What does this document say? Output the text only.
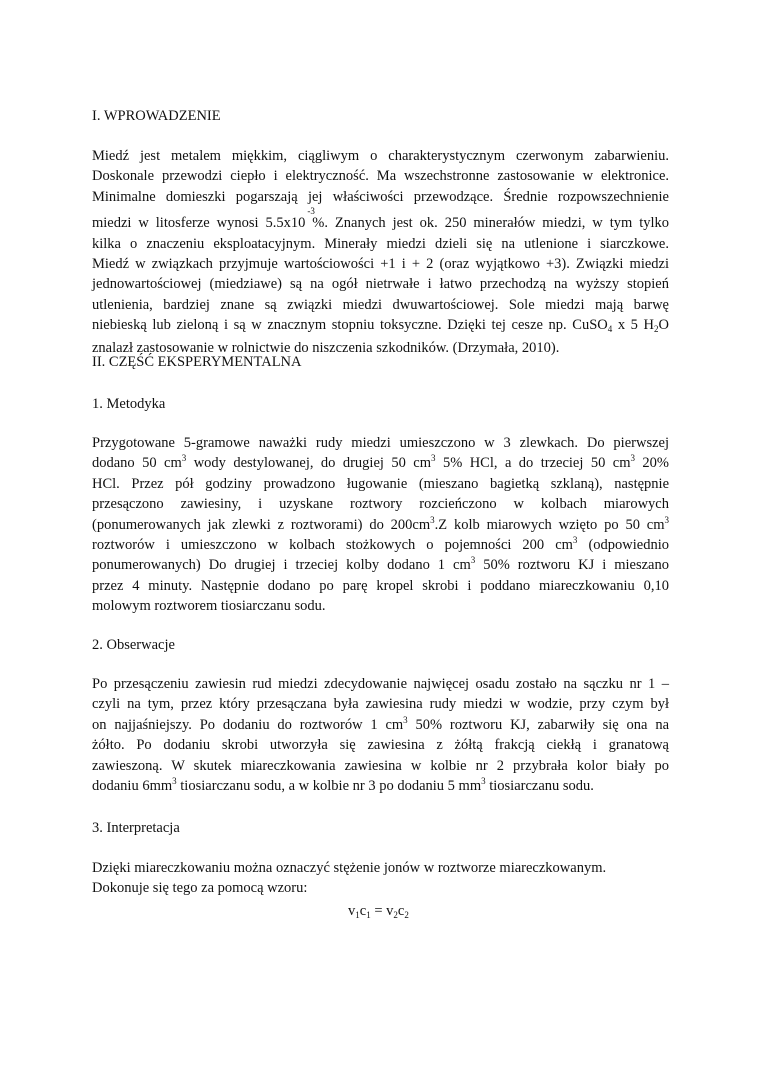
I. WPROWADZENIE
Miedź jest metalem miękkim, ciągliwym o charakterystycznym czerwonym zabarwieniu.
Doskonale przewodzi ciepło i elektryczność. Ma wszechstronne zastosowanie w elektronice.
Minimalne domieszki pogarszają jej właściwości przewodzące. Średnie rozpowszechnienie
miedzi w litosferze wynosi 5.5x10
-3
%. Znanych jest ok. 250 minerałów miedzi, w tym tylko
kilka o znaczeniu eksploatacyjnym. Minerały miedzi dzieli się na utlenione i siarczkowe.
Miedź w związkach przyjmuje wartościowości +1 i + 2 (oraz wyjątkowo +3). Związki miedzi
jednowartościowej (miedziawe) są na ogół nietrwałe i łatwo przechodzą na wyższy stopień
utlenienia, bardziej znane są związki miedzi dwuwartościowej. Sole miedzi mają barwę
niebieską lub zieloną i są w znacznym stopniu toksyczne. Dzięki tej cesze np. CuSO$_4$ x 5 $H_2O$
znalazł zastosowanie w rolnictwie do niszczenia szkodników. (Drzymała, 2010).
II. CZĘŚĆ EKSPERYMENTALNA
1. Metodyka
Przygotowane 5-gramowe naważki rudy miedzi umieszczono w 3 zlewkach. Do pierwszej
dodano 50 $cm^3$ wody destylowanej, do drugiej 50 $cm^3$ 5% HCl, a do trzeciej 50 $cm^3$ 20%
HCl. Przez pół godziny prowadzono ługowanie (mieszano bagietką szklaną), następnie
przesączono zawiesiny, i uzyskane roztwory rozcieńczono w kolbach miarowych
(ponumerowanych jak zlewki z roztworami) do $200cm^3.Z$ kolb miarowych wzięto po 50 $cm^3$
roztworów i umieszczono w kolbach stożkowych o pojemności 200 $cm^3$ (odpowiednio
ponumerowanych) Do drugiej i trzeciej kolby dodano 1 $cm^3$ 50% roztworu KJ i mieszano
przez 4 minuty. Następnie dodano po parę kropel skrobi i poddano miareczkowaniu 0,10
molowym roztworem tiosiarczanu sodu.
2. Obserwacje
Po przesączeniu zawiesin rud miedzi zdecydowanie najwięcej osadu zostało na sączku nr 1 –
czyli na tym, przez który przesączana była zawiesina rudy miedzi w wodzie, przy czym był
on najjaśniejszy. Po dodaniu do roztworów 1 $cm^3$ 50% roztworu KJ, zabarwiły się ona na
żółto. Po dodaniu skrobi utworzyła się zawiesina z żółtą frakcją ciekłą i granatową
zawieszoną. W skutek miareczkowania zawiesina w kolbie nr 2 przybrała kolor biały po
dodaniu $6mm^3$ tiosiarczanu sodu, a w kolbie nr 3 po dodaniu 5 $mm^3$ tiosiarczanu sodu.
3. Interpretacja
Dzięki miareczkowaniu można oznaczyć stężenie jonów w roztworze miareczkowanym.
Dokonuje się tego za pomocą wzoru:
$v_1c_1 = v_2c_2$
